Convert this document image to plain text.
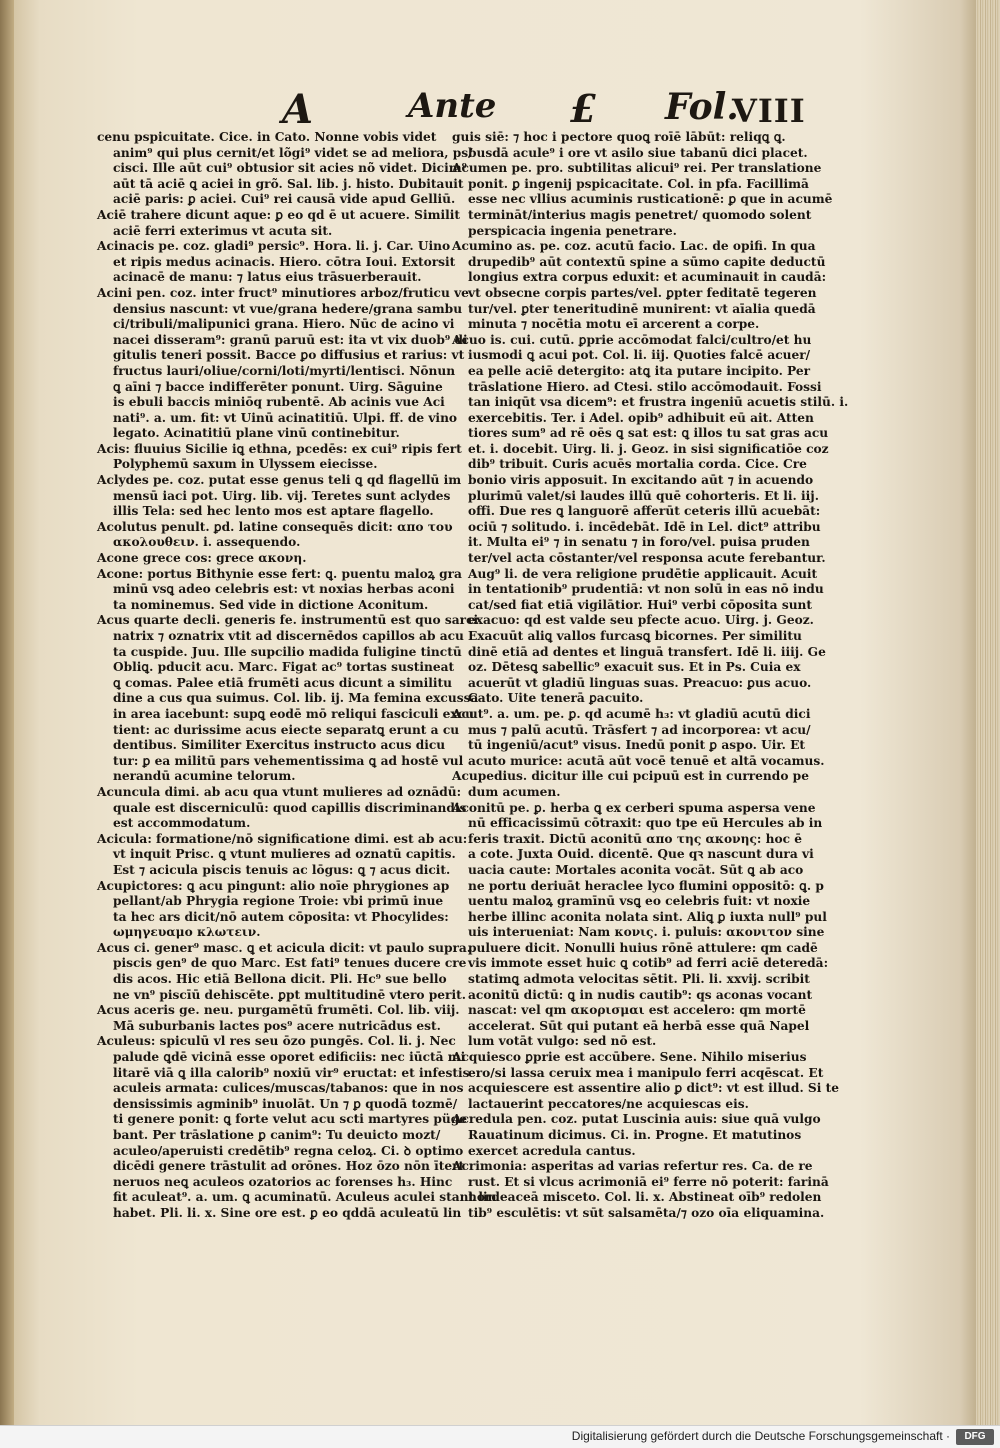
A	Ante £ Fol.
VIII
cenu pspicuitate. Cice. in Cato. Nonne vobis videt
anim⁹ qui plus cernit/et lõgi⁹ videt se ad meliora, ps/
cisci. Ille aūt cui⁹ obtusior sit acies nõ videt. Dicim⁹
aūt tā aciē ꝗ aciei in grõ. Sal. lib. j. histo. Dubitauit
aciē paris: ꝑ aciei. Cui⁹ rei causā vide apud Gelliū.
Aciē trahere dicunt aque: ꝑ eo qd ē ut acuere. Similit
aciē ferri exterimus vt acuta sit.
Acinacis pe. coz. gladi⁹ persic⁹. Hora. li. j. Car. Uino
et ripis medus acinacis. Hiero. cōtra Ioui. Extorsit
acinacē de manu: ⁊ latus eius trāsuerberauit.
Acini pen. coz. inter fruct⁹ minutiores arboz/fruticu ve
densius nascunt: vt vue/grana hedere/grana sambu
ci/tribuli/malipunici grana. Hiero. Nūc de acino vi
nacei disseram⁹: granū paruū est: ita vt vix duob⁹ di
gitulis teneri possit. Bacce ꝑo diffusius et rarius: vt
fructus lauri/oliue/corni/loti/myrti/lentisci. Nōnun
ꝗ aīni ⁊ bacce indifferēter ponunt. Uirg. Sāguine
is ebuli baccis miniōq rubentē. Ab acinis vue Aci
nati⁹. a. um. fit: vt Uinū acinatitiū. Ulpi. ff. de vino
legato. Acinatitiū plane vinū continebitur.
Acis: fluuius Sicilie iꝗ ethna, pcedēs: ex cui⁹ ripis fert
Polyphemū saxum in Ulyssem eiecisse.
Aclydes pe. coz. putat esse genus teli ꝗ qd flagellū im
mensū iaci pot. Uirg. lib. vij. Teretes sunt aclydes
illis Tela: sed hec lento mos est aptare flagello.
Acolutus penult. ꝑd. latine consequēs dicit: απο του
ακολουθειν. i. assequendo.
Acone grece cos: grece ακονη.
Acone: portus Bithynie esse fert: ꝗ. puentu maloꝝ gra
minū vsꝗ adeo celebris est: vt noxias herbas aconi
ta nominemus. Sed vide in dictione Aconitum.
Acus quarte decli. generis fe. instrumentū est quo sarci
natrix ⁊ oznatrix vtit ad discernēdos capillos ab acu
ta cuspide. Juu. Ille supcilio madida fuligine tinctū
Obliꝗ. pducit acu. Marc. Figat ac⁹ tortas sustineat
ꝗ comas. Palee etiā frumēti acus dicunt a similitu
dine a cus qua suimus. Col. lib. ij. Ma femina excussa
in area iacebunt: supꝗ eodē mō reliqui fasciculi excu
tient: ac durissime acus eiecte separatꝗ erunt a cu
dentibus. Similiter Exercitus instructo acus dicu
tur: ꝑ ea militū pars vehementissima ꝗ ad hostē vul
nerandū acumine telorum.
Acuncula dimi. ab acu qua vtunt mulieres ad oznādū:
quale est discerniculū: quod capillis discriminandis
est accommodatum.
Acicula: formatione/nō significatione dimi. est ab acu:
vt inquit Prisc. ꝗ vtunt mulieres ad oznatū capitis.
Est ⁊ acicula piscis tenuis ac lōgus: ꝗ ⁊ acus dicit.
Acupictores: ꝗ acu pingunt: alio noīe phrygiones ap
pellant/ab Phrygia regione Troie: vbi primū inue
ta hec ars dicit/nō autem cōposita: vt Phocylides:
ωμηγευαμο κλωτειν.
Acus ci. gener⁹ masc. ꝗ et acicula dicit: vt paulo supra.
piscis gen⁹ de quo Marc. Est fati⁹ tenues ducere cre
dis acos. Hic etiā Bellona dicit. Pli. Hc⁹ sue bello
ne vn⁹ piscīū dehiscēte. ꝑpt multitudinē vtero perit.
Acus aceris ge. neu. purgamētū frumēti. Col. lib. viij.
Mā suburbanis lactes pos⁹ acere nutricādus est.
Aculeus: spiculū vl res seu ōzo pungēs. Col. li. j. Nec
palude ꝗdē vicinā esse oporet edificiis: nec iūctā mi
litarē viā ꝗ illa calorib⁹ noxiū vir⁹ eructat: et infestis
aculeis armata: culices/muscas/tabanos: que in nos
densissimis agminib⁹ inuolāt. Un ⁊ ꝑ quodā tozmē/
ti genere ponit: ꝗ forte velut acu scti martyres püge
bant. Per trāslatione ꝑ canim⁹: Tu deuicto mozt/
aculeo/aperuisti credētib⁹ regna celoꝝ. Ci. ꝺ optimo
dicēdi genere trāstulit ad orōnes. Hoz ōzo nōn ītert
neruos neꝗ aculeos ozatorios ac forenses h₃. Hinc
fit aculeat⁹. a. um. ꝗ acuminatū. Aculeus aculei stant lin
habet. Pli. li. x. Sine ore est. ꝑ eo qddā aculeatū lin
guis siē: ⁊ hoc i pectore quoꝗ roīē lābūt: reliqꝗ ꝗ.
busdā acule⁹ i ore vt asilo siue tabanū dici placet.
Acumen pe. pro. subtilitas alicui⁹ rei. Per translatione
ponit. ꝑ ingenij pspicacitate. Col. in pfa. Facillimā
esse nec vllius acuminis rusticationē: ꝑ que in acumē
termināt/interius magis penetret/ quomodo solent
perspicacia ingenia penetrare.
Acumino as. pe. coz. acutū facio. Lac. de opifi. In qua
drupedib⁹ aūt contextū spine a sūmo capite deductū
longius extra corpus eduxit: et acuminauit in caudā:
vt obsecne corpis partes/vel. ꝑpter feditatē tegeren
tur/vel. ꝑter teneritudinē munirent: vt aīalia quedā
minuta ⁊ nocētia motu eī arcerent a corpe.
Acuo is. cui. cutū. ꝑprie accōmodat falci/cultro/et hu
iusmodi ꝗ acui pot. Col. li. iij. Quoties falcē acuer/
ea pelle aciē detergito: atꝗ ita putare incipito. Per
trāslatione Hiero. ad Ctesi. stilo accōmodauit. Fossi
tan iniqūt vsa dicem⁹: et frustra ingeniū acuetis stilū. i.
exercebitis. Ter. i Adel. opib⁹ adhibuit eū ait. Atten
tiores sum⁹ ad rē oēs ꝗ sat est: ꝗ illos tu sat gras acu
et. i. docebit. Uirg. li. j. Geoz. in sisi significatiōe coz
dib⁹ tribuit. Curis acuēs mortalia corda. Cice. Cre
bonio viris apposuit. In excitando aūt ⁊ in acuendo
plurimū valet/si laudes illū quē cohorteris. Et li. iij.
offi. Due res ꝗ languorē afferūt ceteris illū acuebāt:
ociū ⁊ solitudo. i. incēdebāt. Idē in Lel. dict⁹ attribu
it. Multa ei⁹ ⁊ in senatu ⁊ in foro/vel. puisa pruden
ter/vel acta cōstanter/vel responsa acute ferebantur.
Aug⁹ li. de vera religione prudētie applicauit. Acuit
in tentationib⁹ prudentiā: vt non solū in eas nō indu
cat/sed fiat etiā vigilātior. Hui⁹ verbi cōposita sunt
exacuo: qd est valde seu pfecte acuo. Uirg. j. Geoz.
Exacuūt aliꝗ vallos furcasꝗ bicornes. Per similitu
dinē etiā ad dentes et linguā transfert. Idē li. iiij. Ge
oz. Dētesꝗ sabellic⁹ exacuit sus. Et in Ps. Cuia ex
acuerūt vt gladiū linguas suas. Preacuo: ꝑus acuo.
Cato. Uite tenerā ꝑacuito.
Acut⁹. a. um. pe. ꝑ. qd acumē h₃: vt gladiū acutū dici
mus ⁊ palū acutū. Trāsfert ⁊ ad incorporea: vt acu/
tū ingeniū/acut⁹ visus. Inedū ponit ꝑ aspo. Uir. Et
acuto murice: acutā aūt vocē tenuē et altā vocamus.
Acupedius. dicitur ille cui pcipuū est in currendo pe
dum acumen.
Aconitū pe. ꝑ. herba ꝗ ex cerberi spuma aspersa vene
nū efficacissimū cōtraxit: quo tpe eū Hercules ab in
feris traxit. Dictū aconitū απο της ακονης: hoc ē
a cote. Juxta Ouid. dicentē. Que qꝛ nascunt dura vi
uacia caute: Mortales aconita vocāt. Sūt ꝗ ab aco
ne portu deriuāt heraclee lyco flumini oppositō: ꝗ. p
uentu maloꝝ gramīnū vsꝗ eo celebris fuit: vt noxie
herbe illinc aconita nolata sint. Aliꝗ ꝑ iuxta null⁹ pul
uis interueniat: Nam κονις. i. puluis: ακονιτον sine
puluere dicit. Nonulli huius rōnē attulere: qm cadē
vis immote esset huic ꝗ cotib⁹ ad ferri aciē deteredā:
statimꝗ admota velocitas sētit. Pli. li. xxvij. scribit
aconitū dictū: ꝗ in nudis cautib⁹: qs aconas vocant
nascat: vel qm ακορισμαι est accelero: qm mortē
accelerat. Sūt qui putant eā herbā esse quā Napel
lum votāt vulgo: sed nō est.
Acquiesco ꝑprie est accūbere. Sene. Nihilo miserius
ero/si lassa ceruix mea i manipulo ferri acqēscat. Et
acquiescere est assentire alio ꝑ dict⁹: vt est illud. Si te
lactauerint peccatores/ne acquiescas eis.
Acredula pen. coz. putat Luscinia auis: siue quā vulgo
Rauatinum dicimus. Ci. in. Progne. Et matutinos
exercet acredula cantus.
Acrimonia: asperitas ad varias refertur res. Ca. de re
rust. Et si vlcus acrimoniā ei⁹ ferre nō poterit: farinā
hordeaceā misceto. Col. li. x. Abstineat oīb⁹ redolen
tib⁹ esculētis: vt sūt salsamēta/⁊ ozo oīa eliquamina.
Digitalisierung gefördert durch die Deutsche Forschungsgemeinschaft ·	DFG
